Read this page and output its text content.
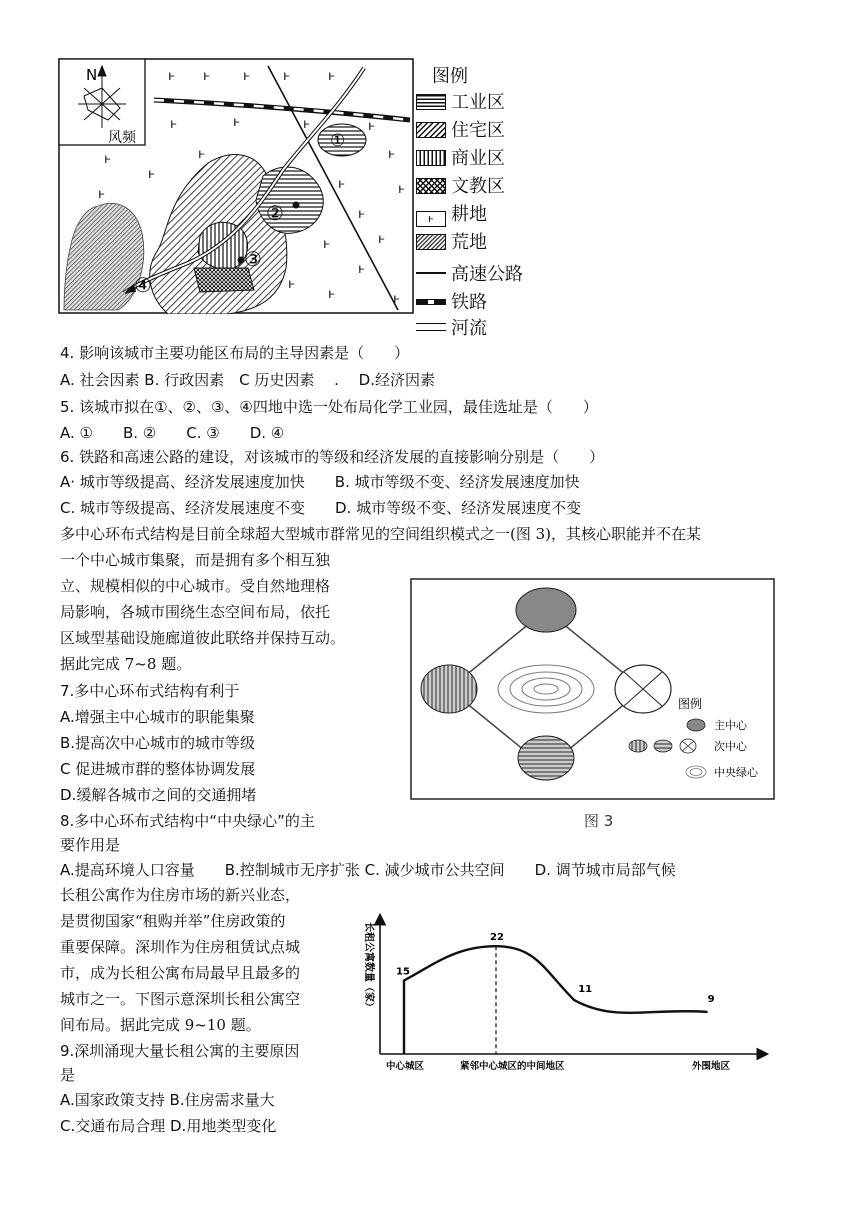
N
风频	①
②
③
④
ⱶ ⱶ	ⱶ	ⱶ	ⱶ
ⱶ	ⱶ	ⱶ	ⱶ
ⱶ
ⱶ
ⱶ	ⱶ
ⱶ
ⱶ	ⱶ
ⱶ
ⱶ
ⱶ
ⱶ
ⱶ	ⱶ
ⱶ
图例
工业区
住宅区
商业区
文教区
ⱶ 耕地
荒地
高速公路
铁路
河流
4. 影响该城市主要功能区布局的主导因素是（　　）
A. 社会因素 B. 行政因素　C 历史因素　 .　 D.经济因素
5. 该城市拟在①、②、③、④四地中选一处布局化学工业园，最佳选址是（　　）
A. ①　　B. ②　　C. ③　　D. ④
6. 铁路和高速公路的建设，对该城市的等级和经济发展的直接影响分别是（　　）
A· 城市等级提高、经济发展速度加快　　B. 城市等级不变、经济发展速度加快
C. 城市等级提高、经济发展速度不变　　D. 城市等级不变、经济发展速度不变
多中心环布式结构是目前全球超大型城市群常见的空间组织模式之一(图 3)，其核心职能并不在某
一个中心城市集聚，而是拥有多个相互独
立、规模相似的中心城市。受自然地理格
局影响，各城市围绕生态空间布局，依托
区域型基础设施廊道彼此联络并保持互动。
据此完成 7~8 题。
7.多中心环布式结构有利于
A.增强主中心城市的职能集聚
B.提高次中心城市的城市等级
C 促进城市群的整体协调发展
D.缓解各城市之间的交通拥堵
图例
主中心
次中心
中央绿心
图 3
8.多中心环布式结构中“中央绿心”的主
要作用是
A.提高环境人口容量　　B.控制城市无序扩张 C. 减少城市公共空间　　D. 调节城市局部气候
长租公寓作为住房市场的新兴业态，
是贯彻国家“租购并举”住房政策的
重要保障。深圳作为住房租赁试点城
市，成为长租公寓布局最早且最多的
城市之一。下图示意深圳长租公寓空
间布局。据此完成 9~10 题。
9.深圳涌现大量长租公寓的主要原因
是
A.国家政策支持 B.住房需求量大
C.交通布局合理 D.用地类型变化
长租公寓数量（家） 15
22
11
9
中心城区	紧邻中心城区的中间地区	外围地区
